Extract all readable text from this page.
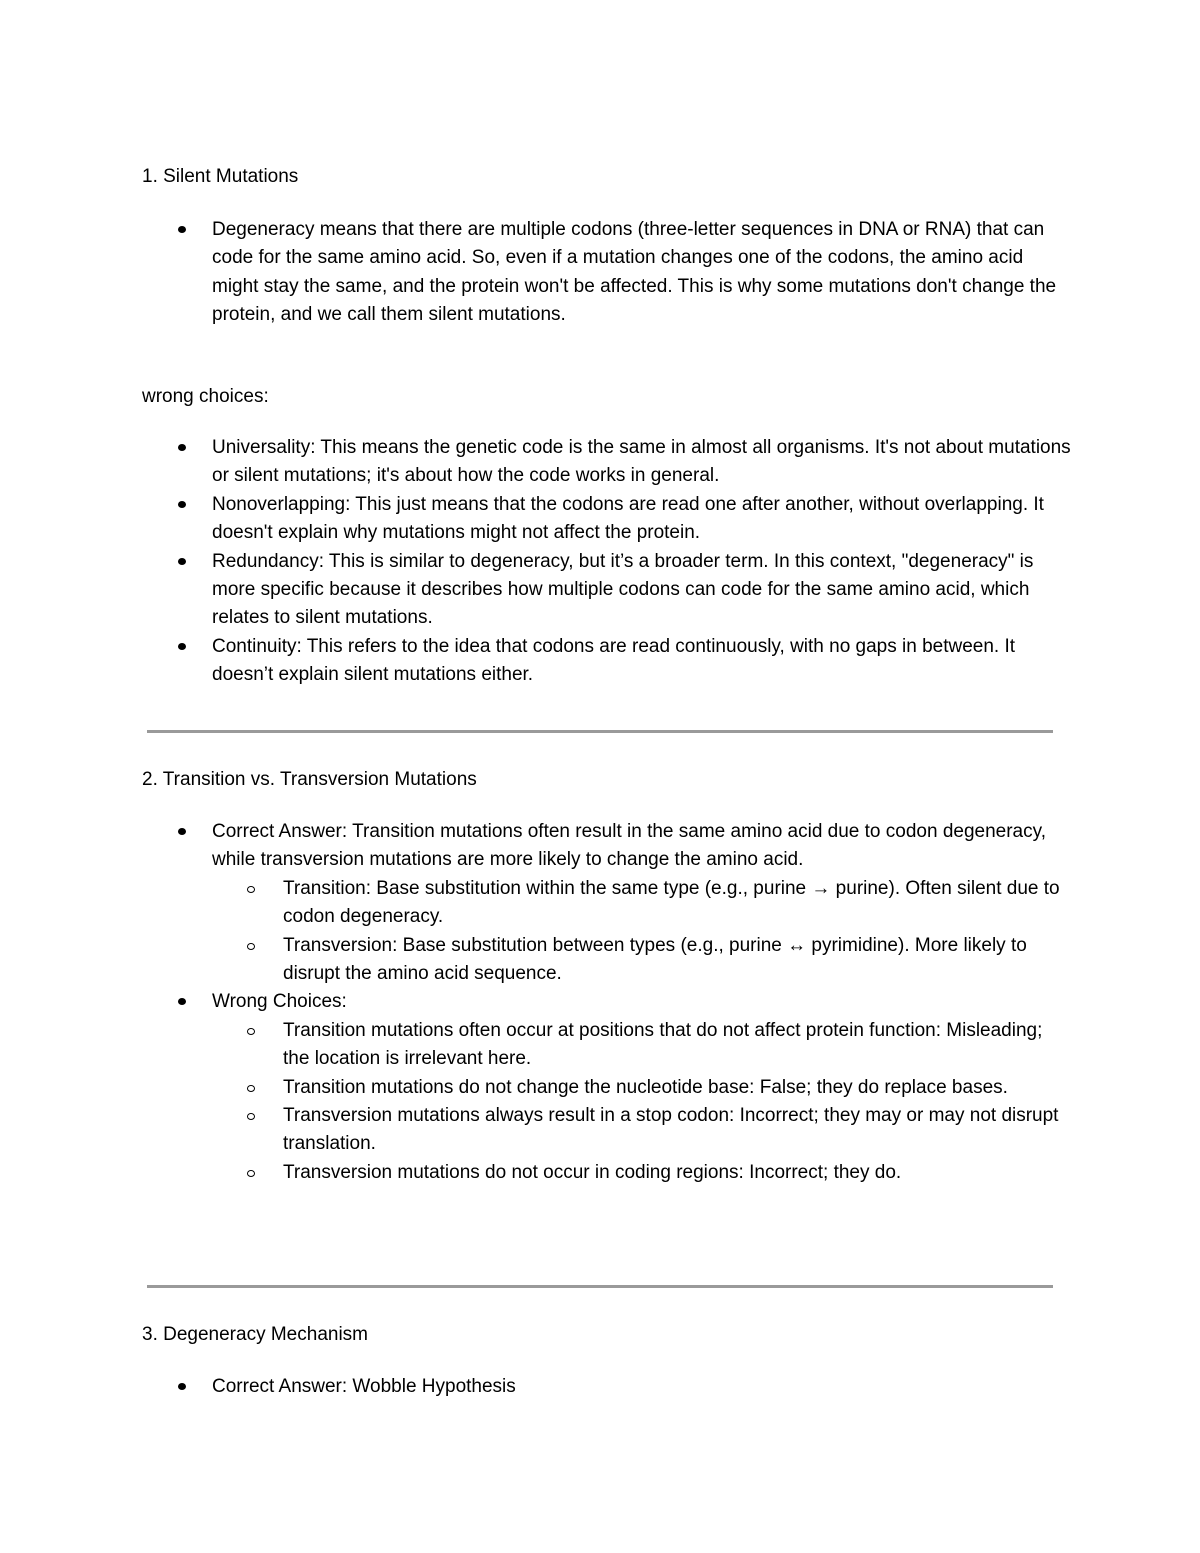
1. Silent Mutations
Degeneracy means that there are multiple codons (three-letter sequences in DNA or RNA) that can code for the same amino acid. So, even if a mutation changes one of the codons, the amino acid might stay the same, and the protein won't be affected. This is why some mutations don't change the protein, and we call them silent mutations.

wrong choices:

Universality: This means the genetic code is the same in almost all organisms. It's not about mutations or silent mutations; it's about how the code works in general.
Nonoverlapping: This just means that the codons are read one after another, without overlapping. It doesn't explain why mutations might not affect the protein.
Redundancy: This is similar to degeneracy, but it’s a broader term. In this context, "degeneracy" is more specific because it describes how multiple codons can code for the same amino acid, which relates to silent mutations.
Continuity: This refers to the idea that codons are read continuously, with no gaps in between. It doesn’t explain silent mutations either.
2. Transition vs. Transversion Mutations
Correct Answer: Transition mutations often result in the same amino acid due to codon degeneracy, while transversion mutations are more likely to change the amino acid.
Transition: Base substitution within the same type (e.g., purine → purine). Often silent due to codon degeneracy.
Transversion: Base substitution between types (e.g., purine ↔ pyrimidine). More likely to disrupt the amino acid sequence.
Wrong Choices:
Transition mutations often occur at positions that do not affect protein function: Misleading; the location is irrelevant here.
Transition mutations do not change the nucleotide base: False; they do replace bases.
Transversion mutations always result in a stop codon: Incorrect; they may or may not disrupt translation.
Transversion mutations do not occur in coding regions: Incorrect; they do.
3. Degeneracy Mechanism
Correct Answer: Wobble Hypothesis
